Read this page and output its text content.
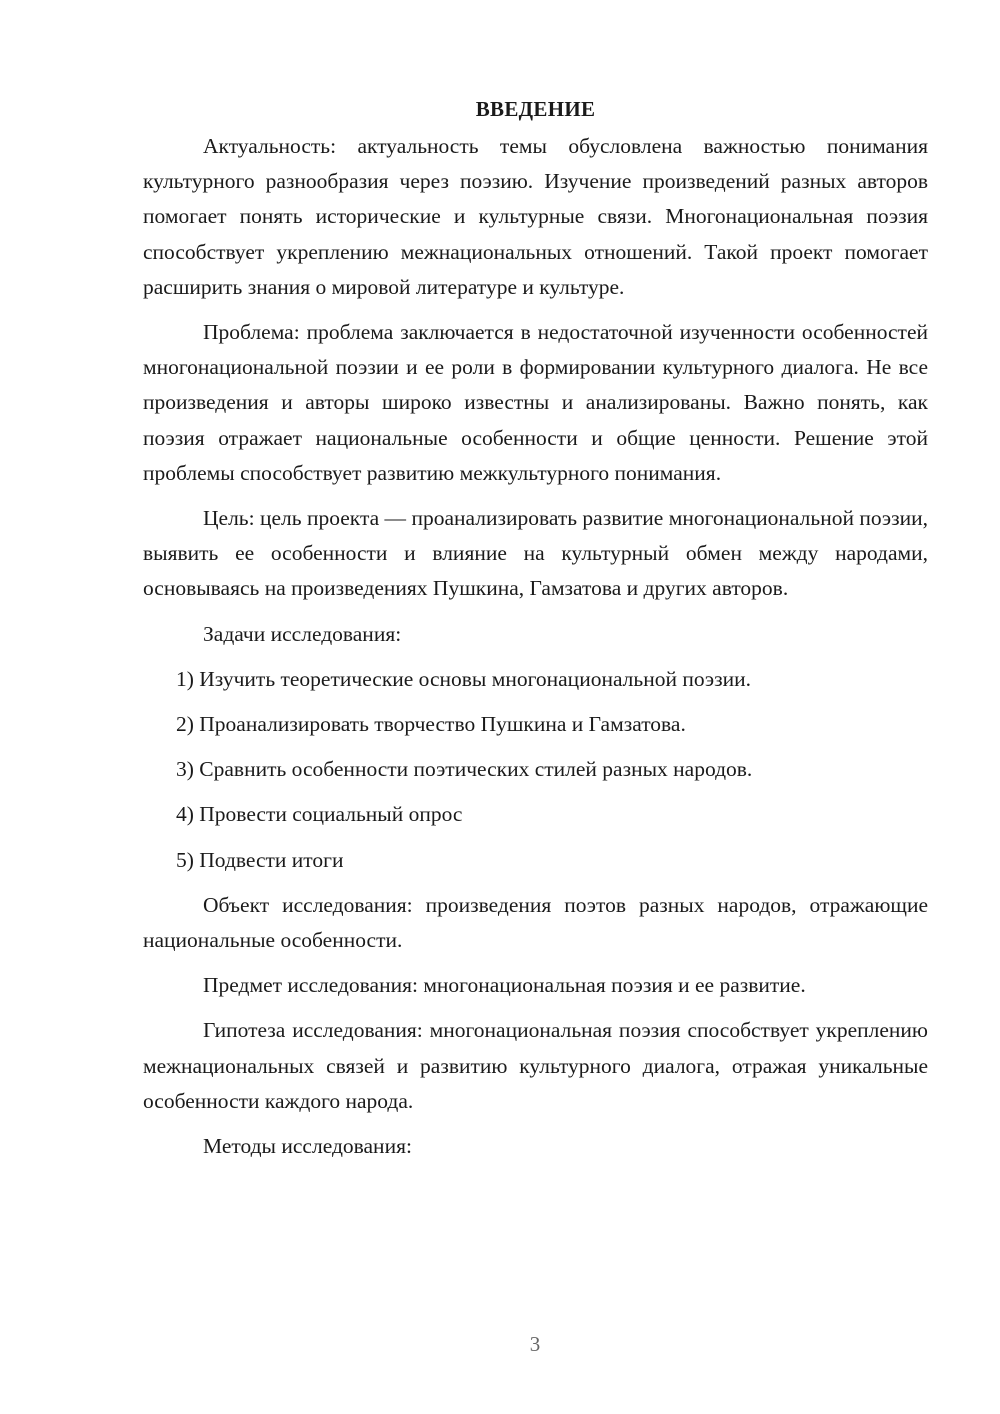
ВВЕДЕНИЕ

Актуальность: актуальность темы обусловлена важностью понимания культурного разнообразия через поэзию. Изучение произведений разных авторов помогает понять исторические и культурные связи. Многонациональная поэзия способствует укреплению межнациональных отношений. Такой проект помогает расширить знания о мировой литературе и культуре.

Проблема: проблема заключается в недостаточной изученности особенностей многонациональной поэзии и ее роли в формировании культурного диалога. Не все произведения и авторы широко известны и анализированы. Важно понять, как поэзия отражает национальные особенности и общие ценности. Решение этой проблемы способствует развитию межкультурного понимания.

Цель: цель проекта — проанализировать развитие многонациональной поэзии, выявить ее особенности и влияние на культурный обмен между народами, основываясь на произведениях Пушкина, Гамзатова и других авторов.

Задачи исследования:

1) Изучить теоретические основы многонациональной поэзии.
2) Проанализировать творчество Пушкина и Гамзатова.
3) Сравнить особенности поэтических стилей разных народов.
4) Провести социальный опрос
5) Подвести итоги

Объект исследования: произведения поэтов разных народов, отражающие национальные особенности.

Предмет исследования: многонациональная поэзия и ее развитие.

Гипотеза исследования: многонациональная поэзия способствует укреплению межнациональных связей и развитию культурного диалога, отражая уникальные особенности каждого народа.

Методы исследования:

3
